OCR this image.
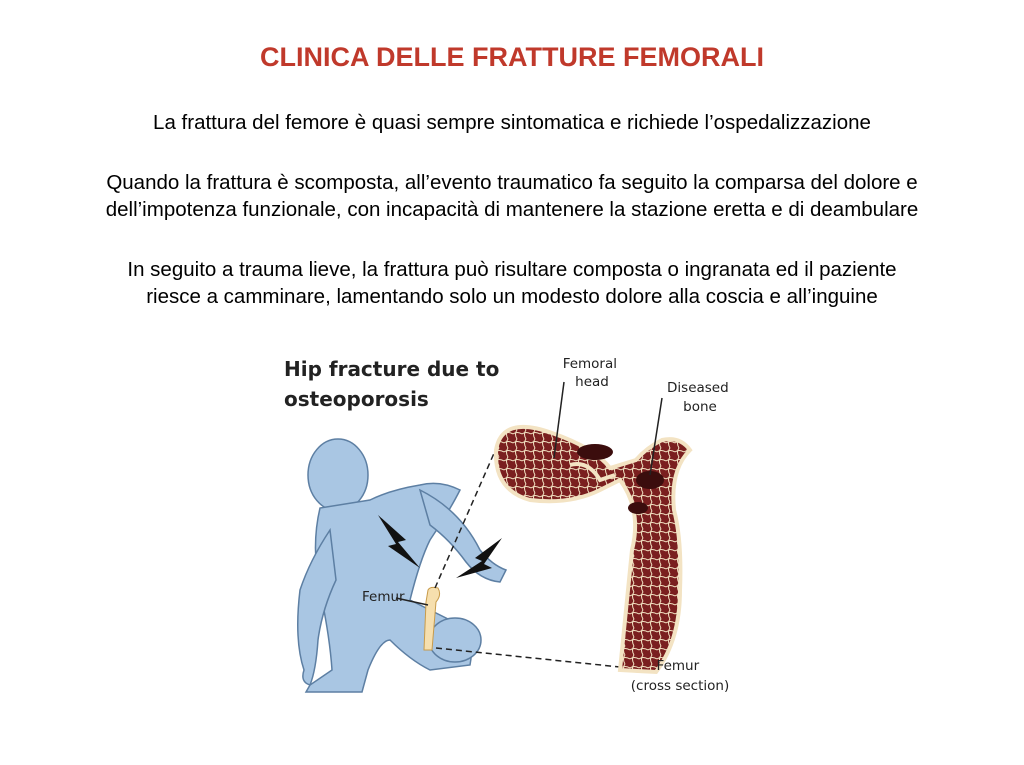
CLINICA DELLE FRATTURE FEMORALI
La frattura del femore è quasi sempre sintomatica e richiede l’ospedalizzazione
Quando la frattura è scomposta, all’evento traumatico fa seguito la comparsa del dolore e
dell’impotenza funzionale, con incapacità di mantenere la stazione eretta e di deambulare
In seguito a trauma lieve, la frattura può risultare composta o ingranata ed il paziente
riesce a camminare, lamentando solo un modesto dolore alla coscia e all’inguine
Hip fracture due to osteoporosis
Femoral head	Diseased bone
Femur
Femur (cross section)
